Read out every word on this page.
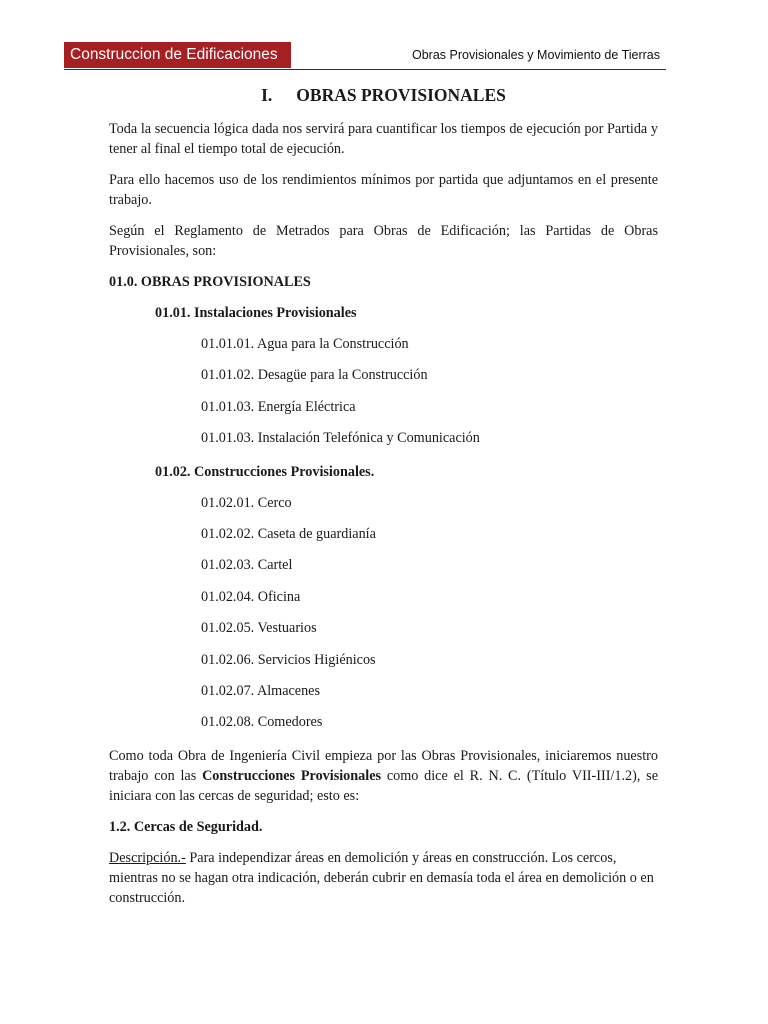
Construccion de Edificaciones	Obras Provisionales y Movimiento de Tierras
I. OBRAS PROVISIONALES

Toda la secuencia lógica dada nos servirá para cuantificar los tiempos de ejecución por Partida y tener al final el tiempo total de ejecución.

Para ello hacemos uso de los rendimientos mínimos por partida que adjuntamos en el presente trabajo.

Según el Reglamento de Metrados para Obras de Edificación; las Partidas de Obras Provisionales, son:

01.0. OBRAS PROVISIONALES
01.01. Instalaciones Provisionales
01.01.01. Agua para la Construcción
01.01.02. Desagüe para la Construcción
01.01.03. Energía Eléctrica
01.01.03. Instalación Telefónica y Comunicación
01.02. Construcciones Provisionales.
01.02.01. Cerco
01.02.02. Caseta de guardianía
01.02.03. Cartel
01.02.04. Oficina
01.02.05. Vestuarios
01.02.06. Servicios Higiénicos
01.02.07. Almacenes
01.02.08. Comedores

Como toda Obra de Ingeniería Civil empieza por las Obras Provisionales, iniciaremos nuestro trabajo con las Construcciones Provisionales como dice el R. N. C. (Título VII-III/1.2), se iniciara con las cercas de seguridad; esto es:

1.2. Cercas de Seguridad.

Descripción.- Para independizar áreas en demolición y áreas en construcción. Los cercos, mientras no se hagan otra indicación, deberán cubrir en demasía toda el área en demolición o en construcción.
